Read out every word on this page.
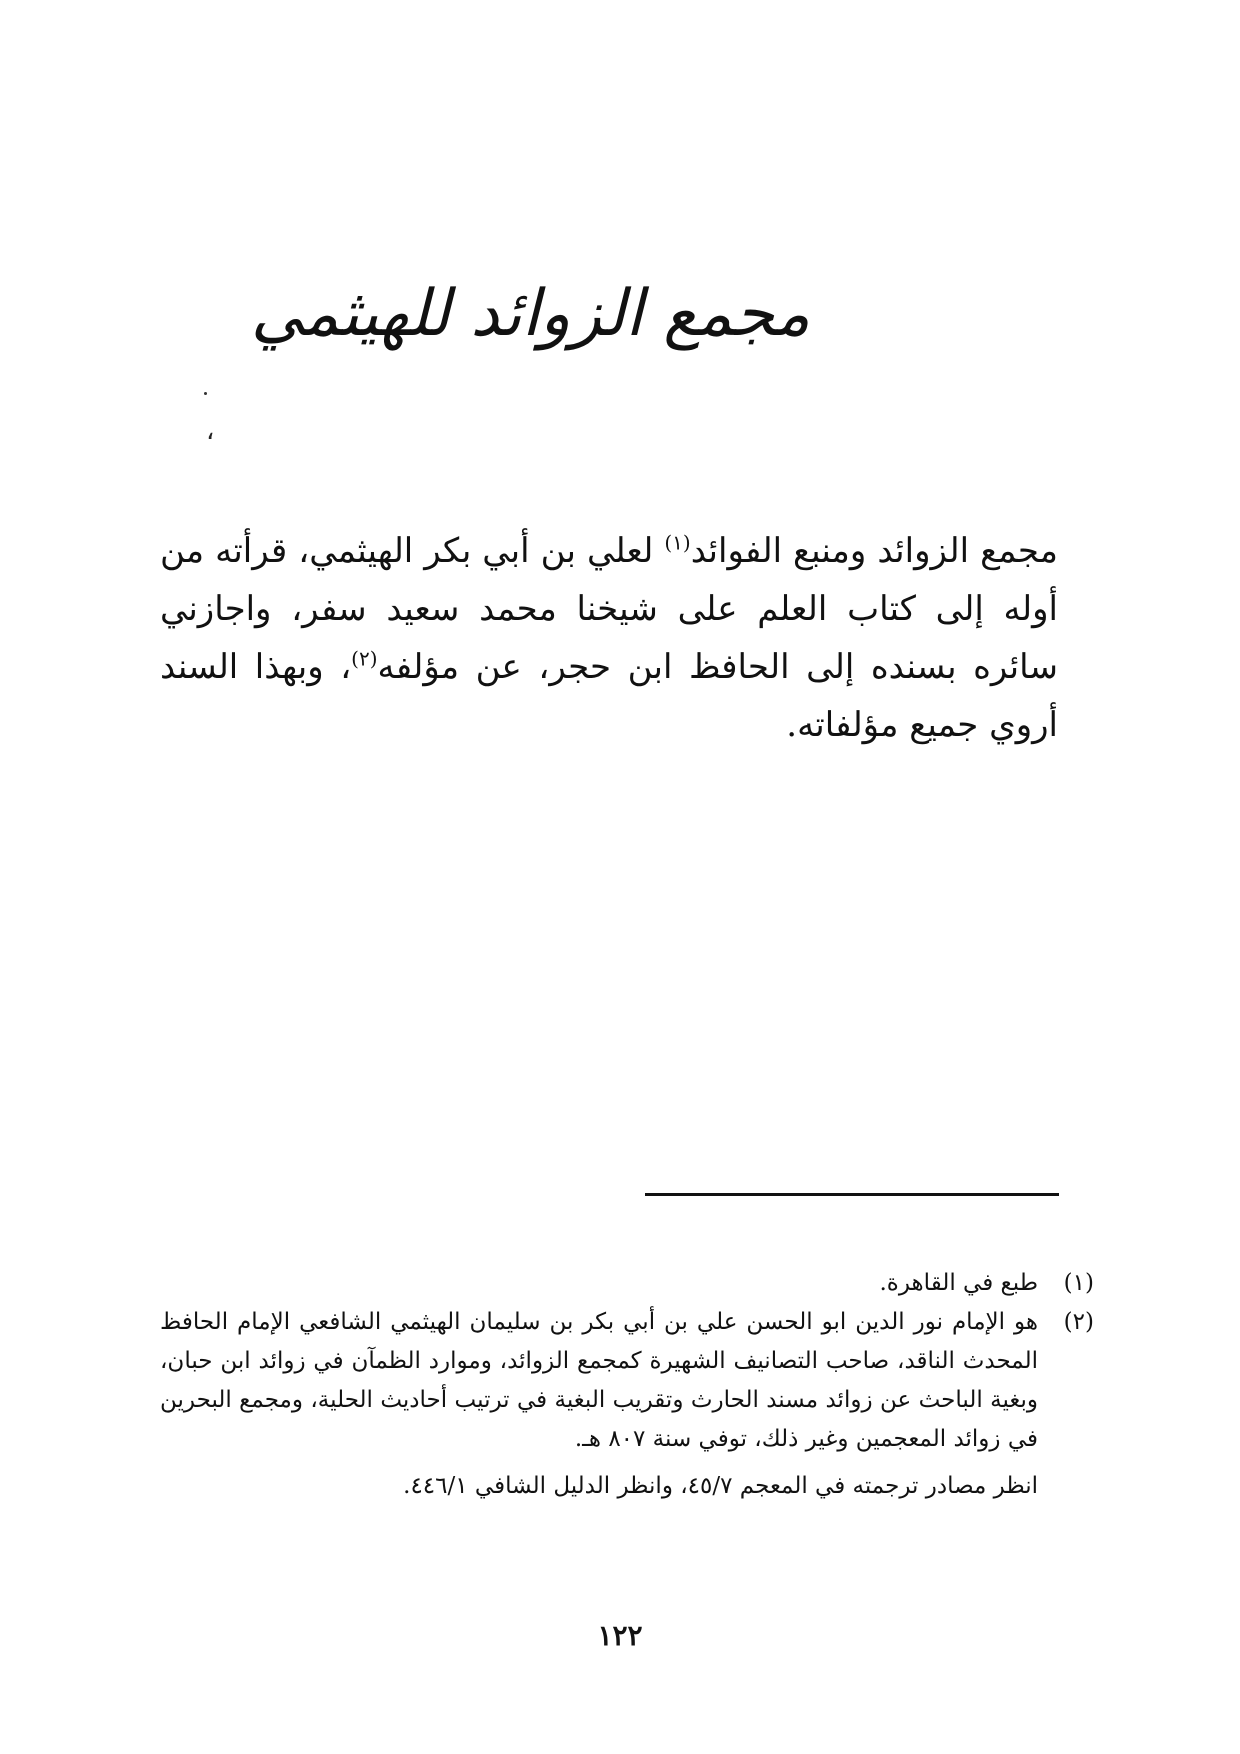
مجمع الزوائد للهيثمي
،

مجمع الزوائد ومنبع الفوائد$^{(١)}$ لعلي بن أبي بكر الهيثمي، قرأته من أوله إلى كتاب العلم على شيخنا محمد سعيد سفر، واجازني سائره بسنده إلى الحافظ ابن حجر، عن مؤلفه$^{(٢)}$، وبهذا السند أروي جميع مؤلفاته.

(١)
طبع في القاهرة.
(٢)
هو الإمام نور الدين ابو الحسن علي بن أبي بكر بن سليمان الهيثمي الشافعي الإمام الحافظ المحدث الناقد، صاحب التصانيف الشهيرة كمجمع الزوائد، وموارد الظمآن في زوائد ابن حبان، وبغية الباحث عن زوائد مسند الحارث وتقريب البغية في ترتيب أحاديث الحلية، ومجمع البحرين في زوائد المعجمين وغير ذلك، توفي سنة ٨٠٧ هـ.
انظر مصادر ترجمته في المعجم ٤٥/٧، وانظر الدليل الشافي ٤٤٦/١.
١٢٢
